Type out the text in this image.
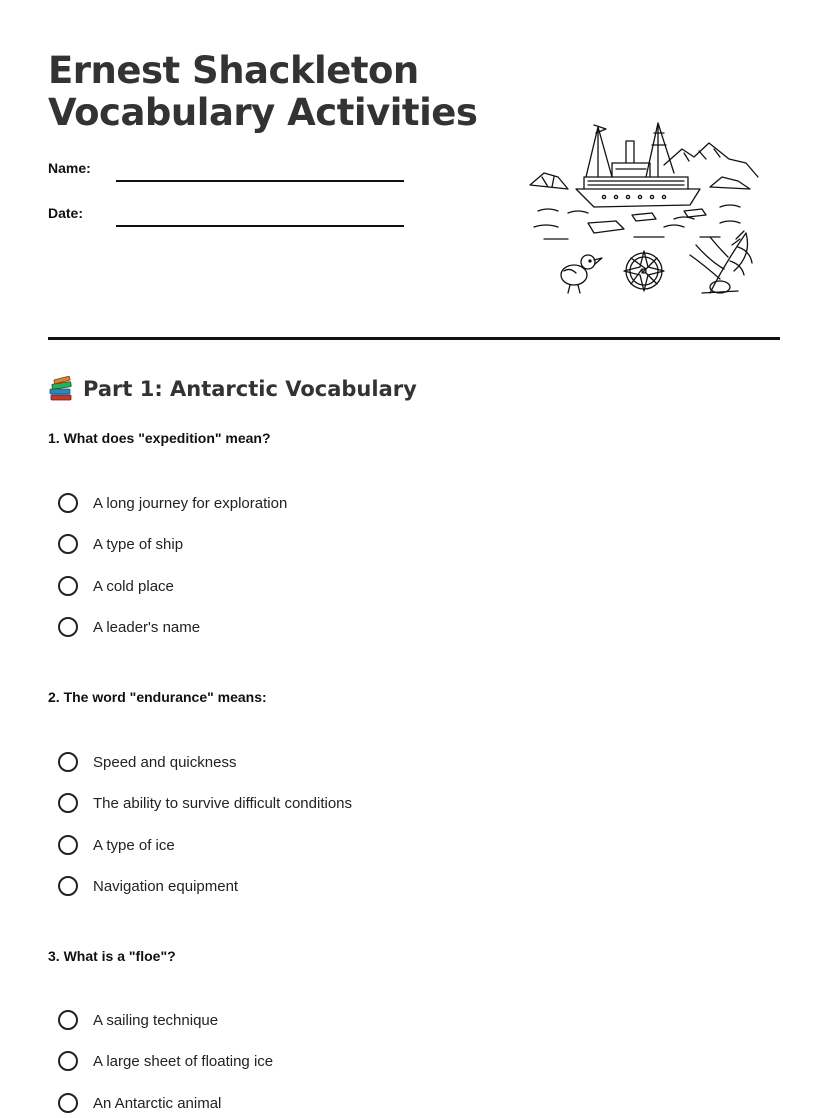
Ernest Shackleton
Vocabulary Activities
Name:
Date:
Part 1: Antarctic Vocabulary
1. What does "expedition" mean?
A long journey for exploration
A type of ship
A cold place
A leader's name
2. The word "endurance" means:
Speed and quickness
The ability to survive difficult conditions
A type of ice
Navigation equipment
3. What is a "floe"?
A sailing technique
A large sheet of floating ice
An Antarctic animal
